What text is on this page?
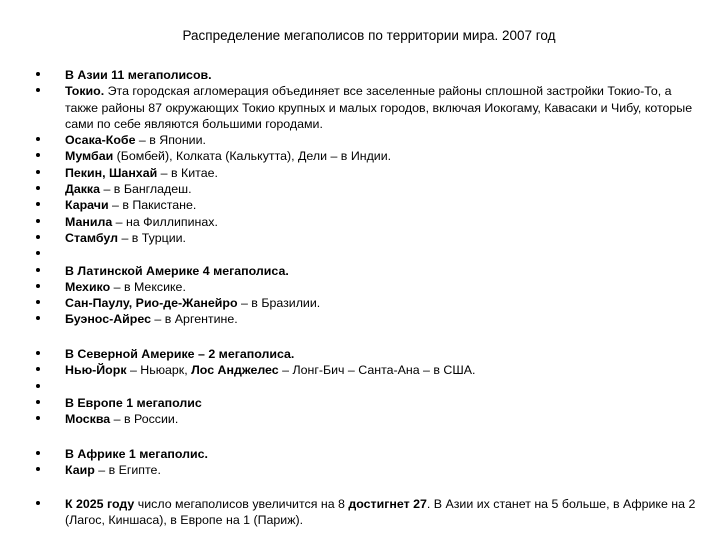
Распределение мегаполисов по территории мира. 2007 год
В Азии 11 мегаполисов.
Токио. Эта городская агломерация объединяет все заселенные районы сплошной застройки Токио-То, а также районы 87 окружающих Токио крупных и малых городов, включая Иокогаму, Кавасаки и Чибу, которые сами по себе являются большими городами.
Осака-Кобе – в Японии.
Мумбаи (Бомбей), Колката (Калькутта), Дели – в Индии.
Пекин, Шанхай – в Китае.
Дакка – в Бангладеш.
Карачи – в Пакистане.
Манила – на Филлипинах.
Стамбул – в Турции.
В Латинской Америке 4 мегаполиса.
Мехико – в Мексике.
Сан-Паулу, Рио-де-Жанейро – в Бразилии.
Буэнос-Айрес – в Аргентине.
В Северной Америке – 2 мегаполиса.
Нью-Йорк – Ньюарк, Лос Анджелес – Лонг-Бич – Санта-Ана – в США.
В Европе 1 мегаполис
Москва – в России.
В Африке 1 мегаполис.
Каир – в Египте.
К 2025 году число мегаполисов увеличится на 8 достигнет 27. В Азии их станет на 5 больше, в Африке на 2 (Лагос, Киншаса), в Европе на 1 (Париж).
